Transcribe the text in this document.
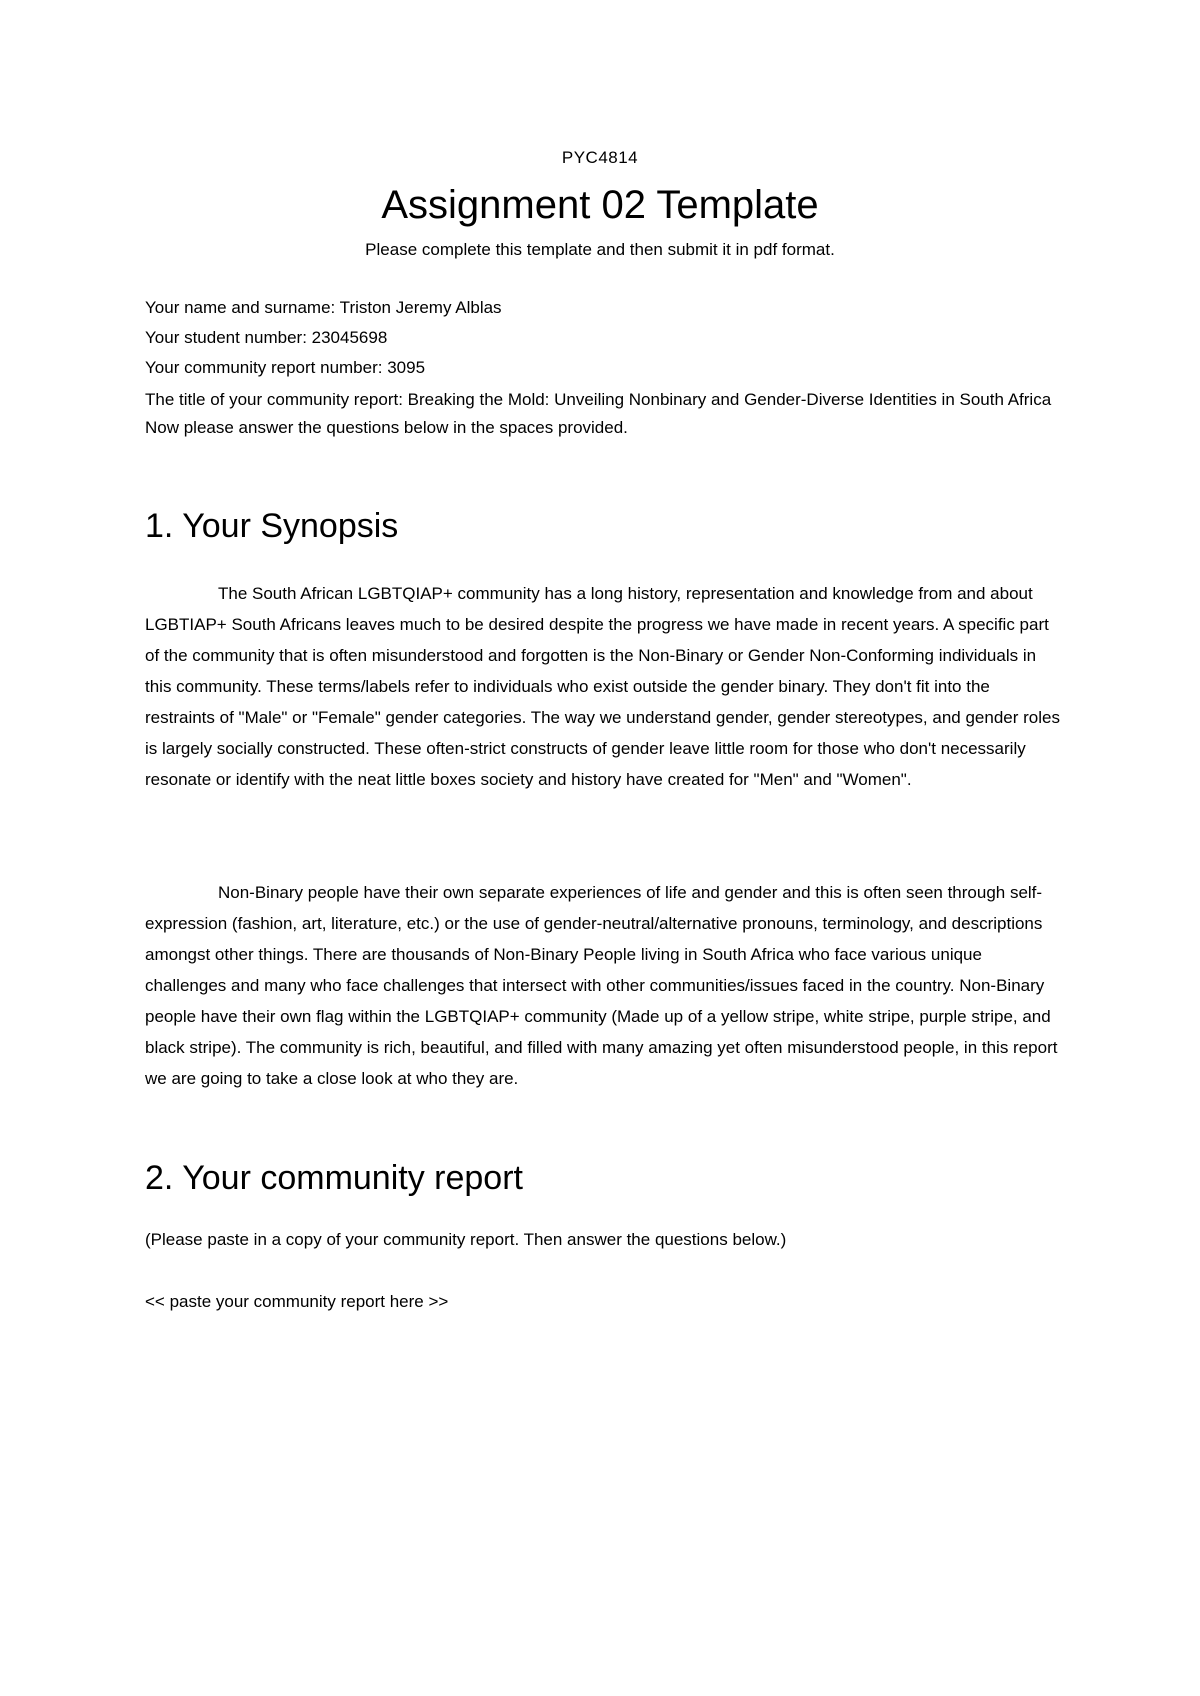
PYC4814
Assignment 02 Template
Please complete this template and then submit it in pdf format.
Your name and surname: Triston Jeremy Alblas
Your student number: 23045698
Your community report number: 3095
The title of your community report: Breaking the Mold: Unveiling Nonbinary and Gender-Diverse Identities in South Africa
Now please answer the questions below in the spaces provided.
1. Your Synopsis

The South African LGBTQIAP+ community has a long history, representation and knowledge from and about LGBTIAP+ South Africans leaves much to be desired despite the progress we have made in recent years. A specific part of the community that is often misunderstood and forgotten is the Non-Binary or Gender Non-Conforming individuals in this community. These terms/labels refer to individuals who exist outside the gender binary. They don't fit into the restraints of "Male" or "Female" gender categories. The way we understand gender, gender stereotypes, and gender roles is largely socially constructed. These often-strict constructs of gender leave little room for those who don't necessarily resonate or identify with the neat little boxes society and history have created for "Men" and "Women".

Non-Binary people have their own separate experiences of life and gender and this is often seen through self-expression (fashion, art, literature, etc.) or the use of gender-neutral/alternative pronouns, terminology, and descriptions amongst other things. There are thousands of Non-Binary People living in South Africa who face various unique challenges and many who face challenges that intersect with other communities/issues faced in the country. Non-Binary people have their own flag within the LGBTQIAP+ community (Made up of a yellow stripe, white stripe, purple stripe, and black stripe). The community is rich, beautiful, and filled with many amazing yet often misunderstood people, in this report we are going to take a close look at who they are.

2. Your community report

(Please paste in a copy of your community report. Then answer the questions below.)

<< paste your community report here >>
